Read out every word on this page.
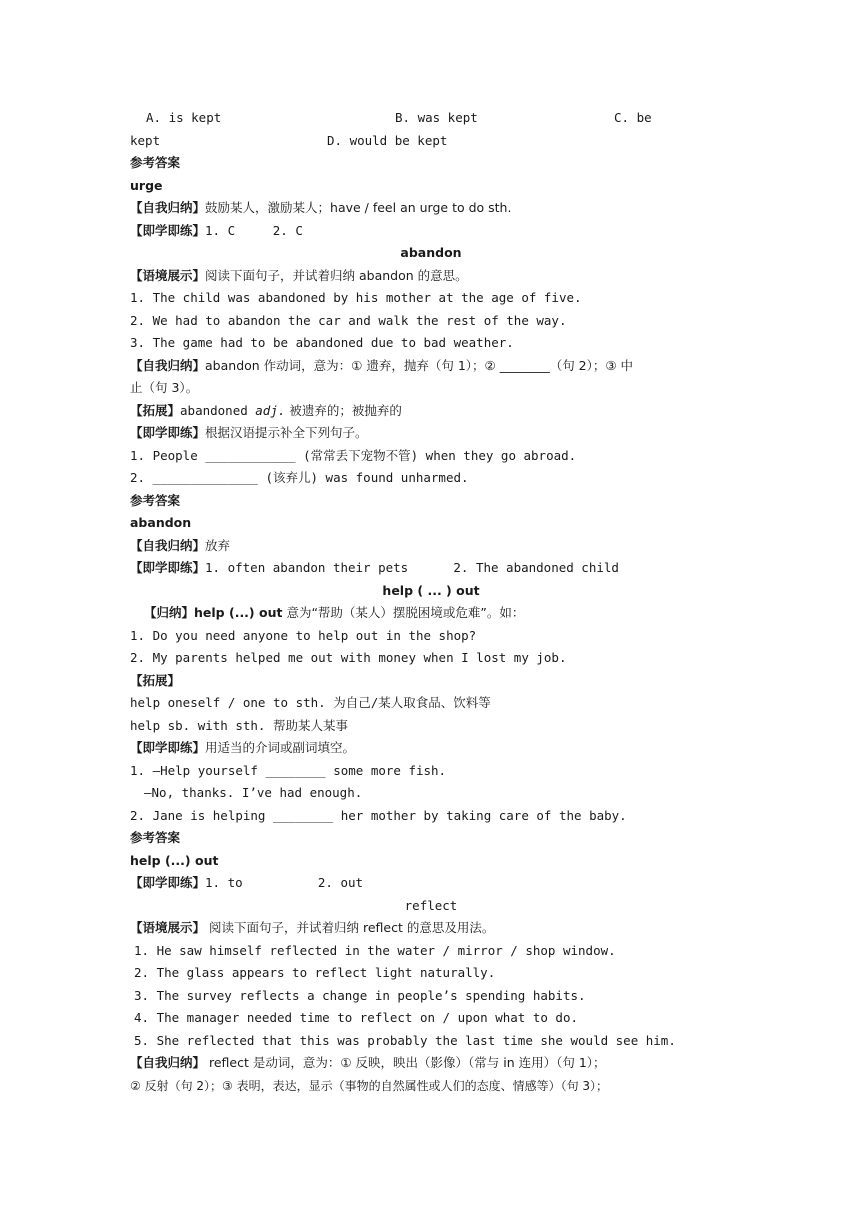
A. is kept	B. was kept	C. be
kept	D. would be kept
参考答案
urge
【自我归纳】鼓励某人，激励某人；have / feel an urge to do sth.
【即学即练】1. C     2. C
abandon
【语境展示】阅读下面句子，并试着归纳 abandon 的意思。
1. The child was abandoned by his mother at the age of five.
2. We had to abandon the car and walk the rest of the way.
3. The game had to be abandoned due to bad weather.
【自我归纳】abandon 作动词，意为：① 遗弃，抛弃（句 1）；② ________（句 2）；③ 中
止（句 3）。
【拓展】abandoned adj. 被遗弃的；被抛弃的
【即学即练】根据汉语提示补全下列句子。
1. People ____________ (常常丢下宠物不管) when they go abroad.
2. ______________ (该弃儿) was found unharmed.
参考答案
abandon
【自我归纳】放弃
【即学即练】1. often abandon their pets      2. The abandoned child
help ( ... ) out
【归纳】help (...) out 意为“帮助（某人）摆脱困境或危难”。如：
1. Do you need anyone to help out in the shop?
2. My parents helped me out with money when I lost my job.
【拓展】
help oneself / one to sth. 为自己/某人取食品、饮料等
help sb. with sth. 帮助某人某事
【即学即练】用适当的介词或副词填空。
1. —Help yourself ________ some more fish.
—No, thanks. I’ve had enough.
2. Jane is helping ________ her mother by taking care of the baby.
参考答案
help (...) out
【即学即练】1. to          2. out
reflect
【语境展示】 阅读下面句子，并试着归纳 reflect 的意思及用法。
1. He saw himself reflected in the water / mirror / shop window.
2. The glass appears to reflect light naturally.
3. The survey reflects a change in people’s spending habits.
4. The manager needed time to reflect on / upon what to do.
5. She reflected that this was probably the last time she would see him.
【自我归纳】 reflect 是动词，意为：① 反映，映出（影像）（常与 in 连用）（句 1）；
② 反射（句 2）；③ 表明，表达，显示（事物的自然属性或人们的态度、情感等）（句 3）；
